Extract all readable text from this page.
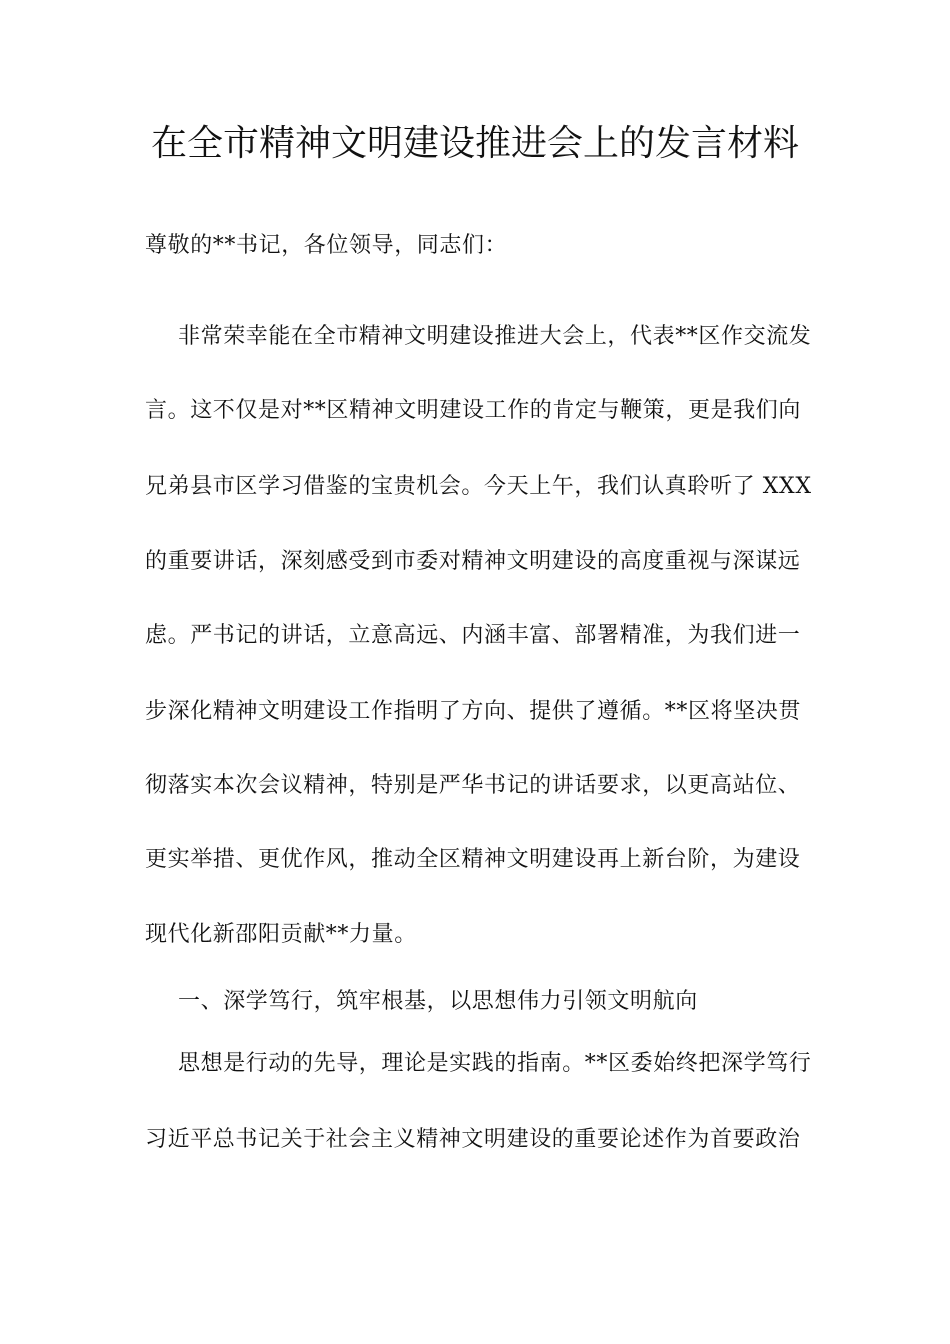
在全市精神文明建设推进会上的发言材料
尊敬的**书记，各位领导，同志们：
非常荣幸能在全市精神文明建设推进大会上，代表**区作交流发
言。这不仅是对**区精神文明建设工作的肯定与鞭策，更是我们向
兄弟县市区学习借鉴的宝贵机会。今天上午，我们认真聆听了 XXX
的重要讲话，深刻感受到市委对精神文明建设的高度重视与深谋远
虑。严书记的讲话，立意高远、内涵丰富、部署精准，为我们进一
步深化精神文明建设工作指明了方向、提供了遵循。**区将坚决贯
彻落实本次会议精神，特别是严华书记的讲话要求，以更高站位、
更实举措、更优作风，推动全区精神文明建设再上新台阶，为建设
现代化新邵阳贡献**力量。
一、深学笃行，筑牢根基，以思想伟力引领文明航向
思想是行动的先导，理论是实践的指南。**区委始终把深学笃行
习近平总书记关于社会主义精神文明建设的重要论述作为首要政治
